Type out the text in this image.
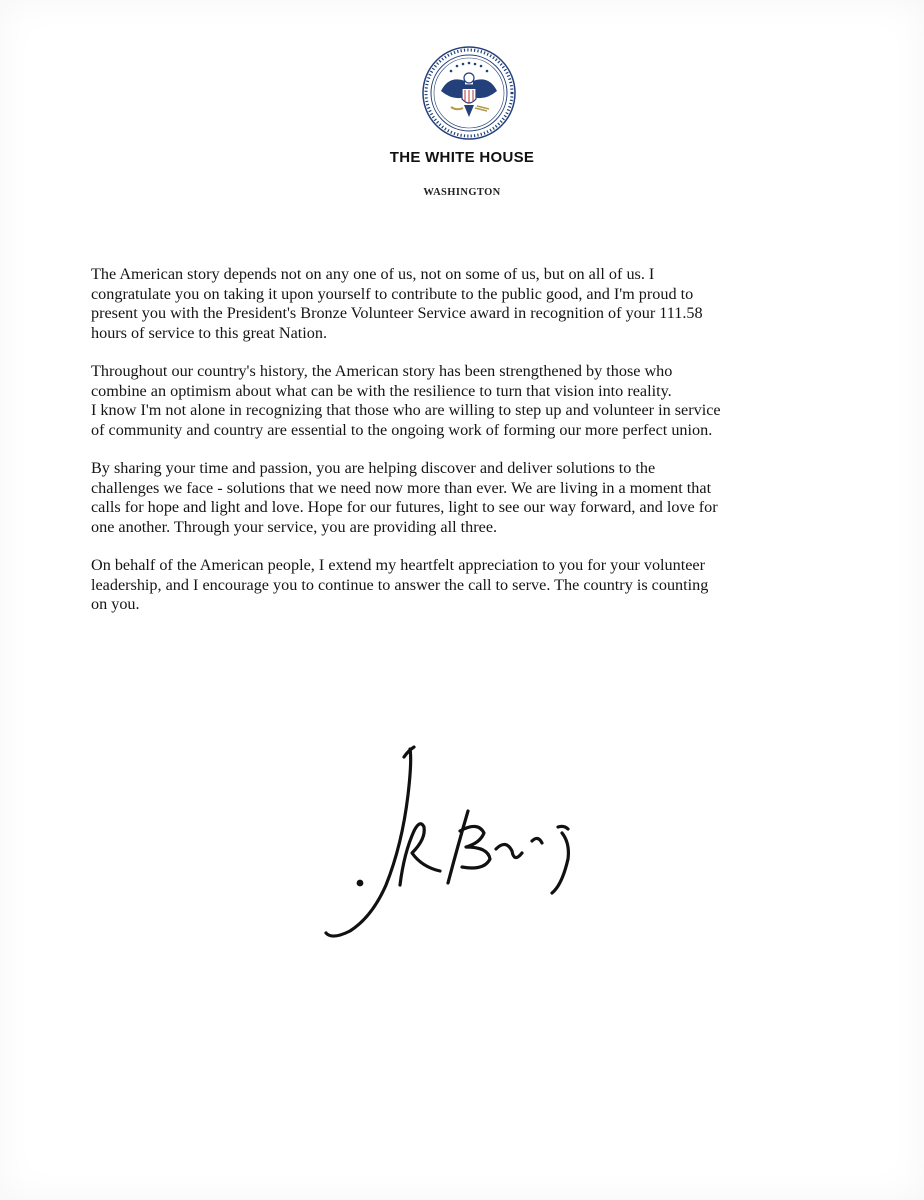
THE WHITE HOUSE
WASHINGTON

The American story depends not on any one of us, not on some of us, but on all of us. I
congratulate you on taking it upon yourself to contribute to the public good, and I'm proud to
present you with the President's Bronze Volunteer Service award in recognition of your 111.58
hours of service to this great Nation.

Throughout our country's history, the American story has been strengthened by those who
combine an optimism about what can be with the resilience to turn that vision into reality.
I know I'm not alone in recognizing that those who are willing to step up and volunteer in service
of community and country are essential to the ongoing work of forming our more perfect union.

By sharing your time and passion, you are helping discover and deliver solutions to the
challenges we face - solutions that we need now more than ever. We are living in a moment that
calls for hope and light and love. Hope for our futures, light to see our way forward, and love for
one another. Through your service, you are providing all three.

On behalf of the American people, I extend my heartfelt appreciation to you for your volunteer
leadership, and I encourage you to continue to answer the call to serve. The country is counting
on you.
